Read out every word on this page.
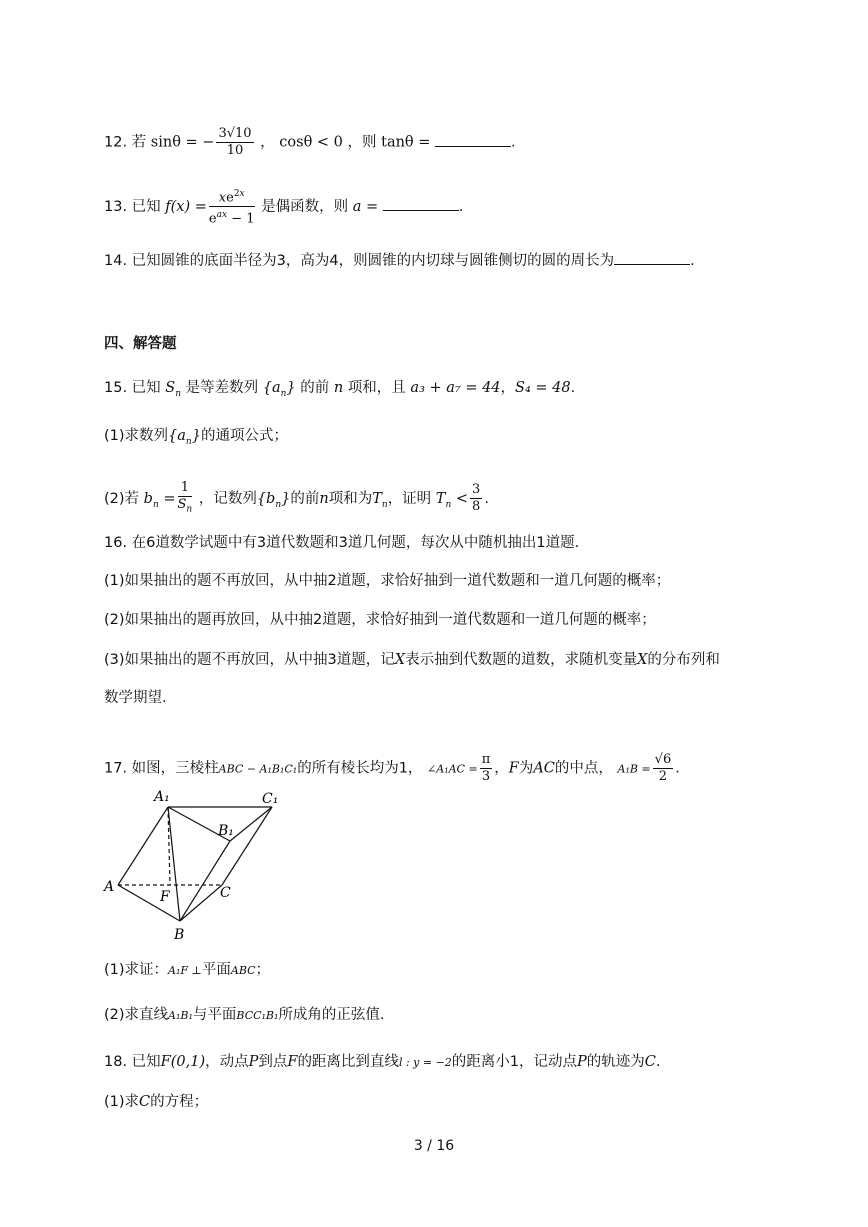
12. 若 sinθ = − $\frac{3√10}{10}$ ， cosθ < 0 ，则 tanθ =	.
13. 已知 $f(x) = \frac{xe^{2x}}{e^{ax} - 1}$ 是偶函数，则 a =	.
14. 已知圆锥的底面半径为3，高为4，则圆锥的内切球与圆锥侧切的圆的周长为	.
四、解答题
15. 已知 $S_n$ 是等差数列 $\{a_n\}$ 的前 n 项和，且 a₃ + a₇ = 44，S₄ = 48.
(1)求数列$\{a_n\}$的通项公式；
(2)若 $b_n = \frac{1}{S_n}$ ，记数列$\{b_n\}$的前n项和为$T_n$，证明 $T_n < \frac{3}{8}$ .
16. 在6道数学试题中有3道代数题和3道几何题，每次从中随机抽出1道题.
(1)如果抽出的题不再放回，从中抽2道题，求恰好抽到一道代数题和一道几何题的概率；
(2)如果抽出的题再放回，从中抽2道题，求恰好抽到一道代数题和一道几何题的概率；
(3)如果抽出的题不再放回，从中抽3道题，记X表示抽到代数题的道数，求随机变量X的分布列和
数学期望.
17. 如图，三棱柱ABC − A₁B₁C₁的所有棱长均为1， ∠A₁AC = $\frac{\pi}{3}$ ，F为AC的中点， $A_1B = \frac{√6}{2}$ .
A₁	C₁
B₁
A
F	C
B
(1)求证：A₁F ⊥平面ABC；
(2)求直线A₁B₁与平面BCC₁B₁所成角的正弦值.
18. 已知F(0,1)，动点P到点F的距离比到直线l : y = −2的距离小1，记动点P的轨迹为C.
(1)求C的方程；
3 / 16
